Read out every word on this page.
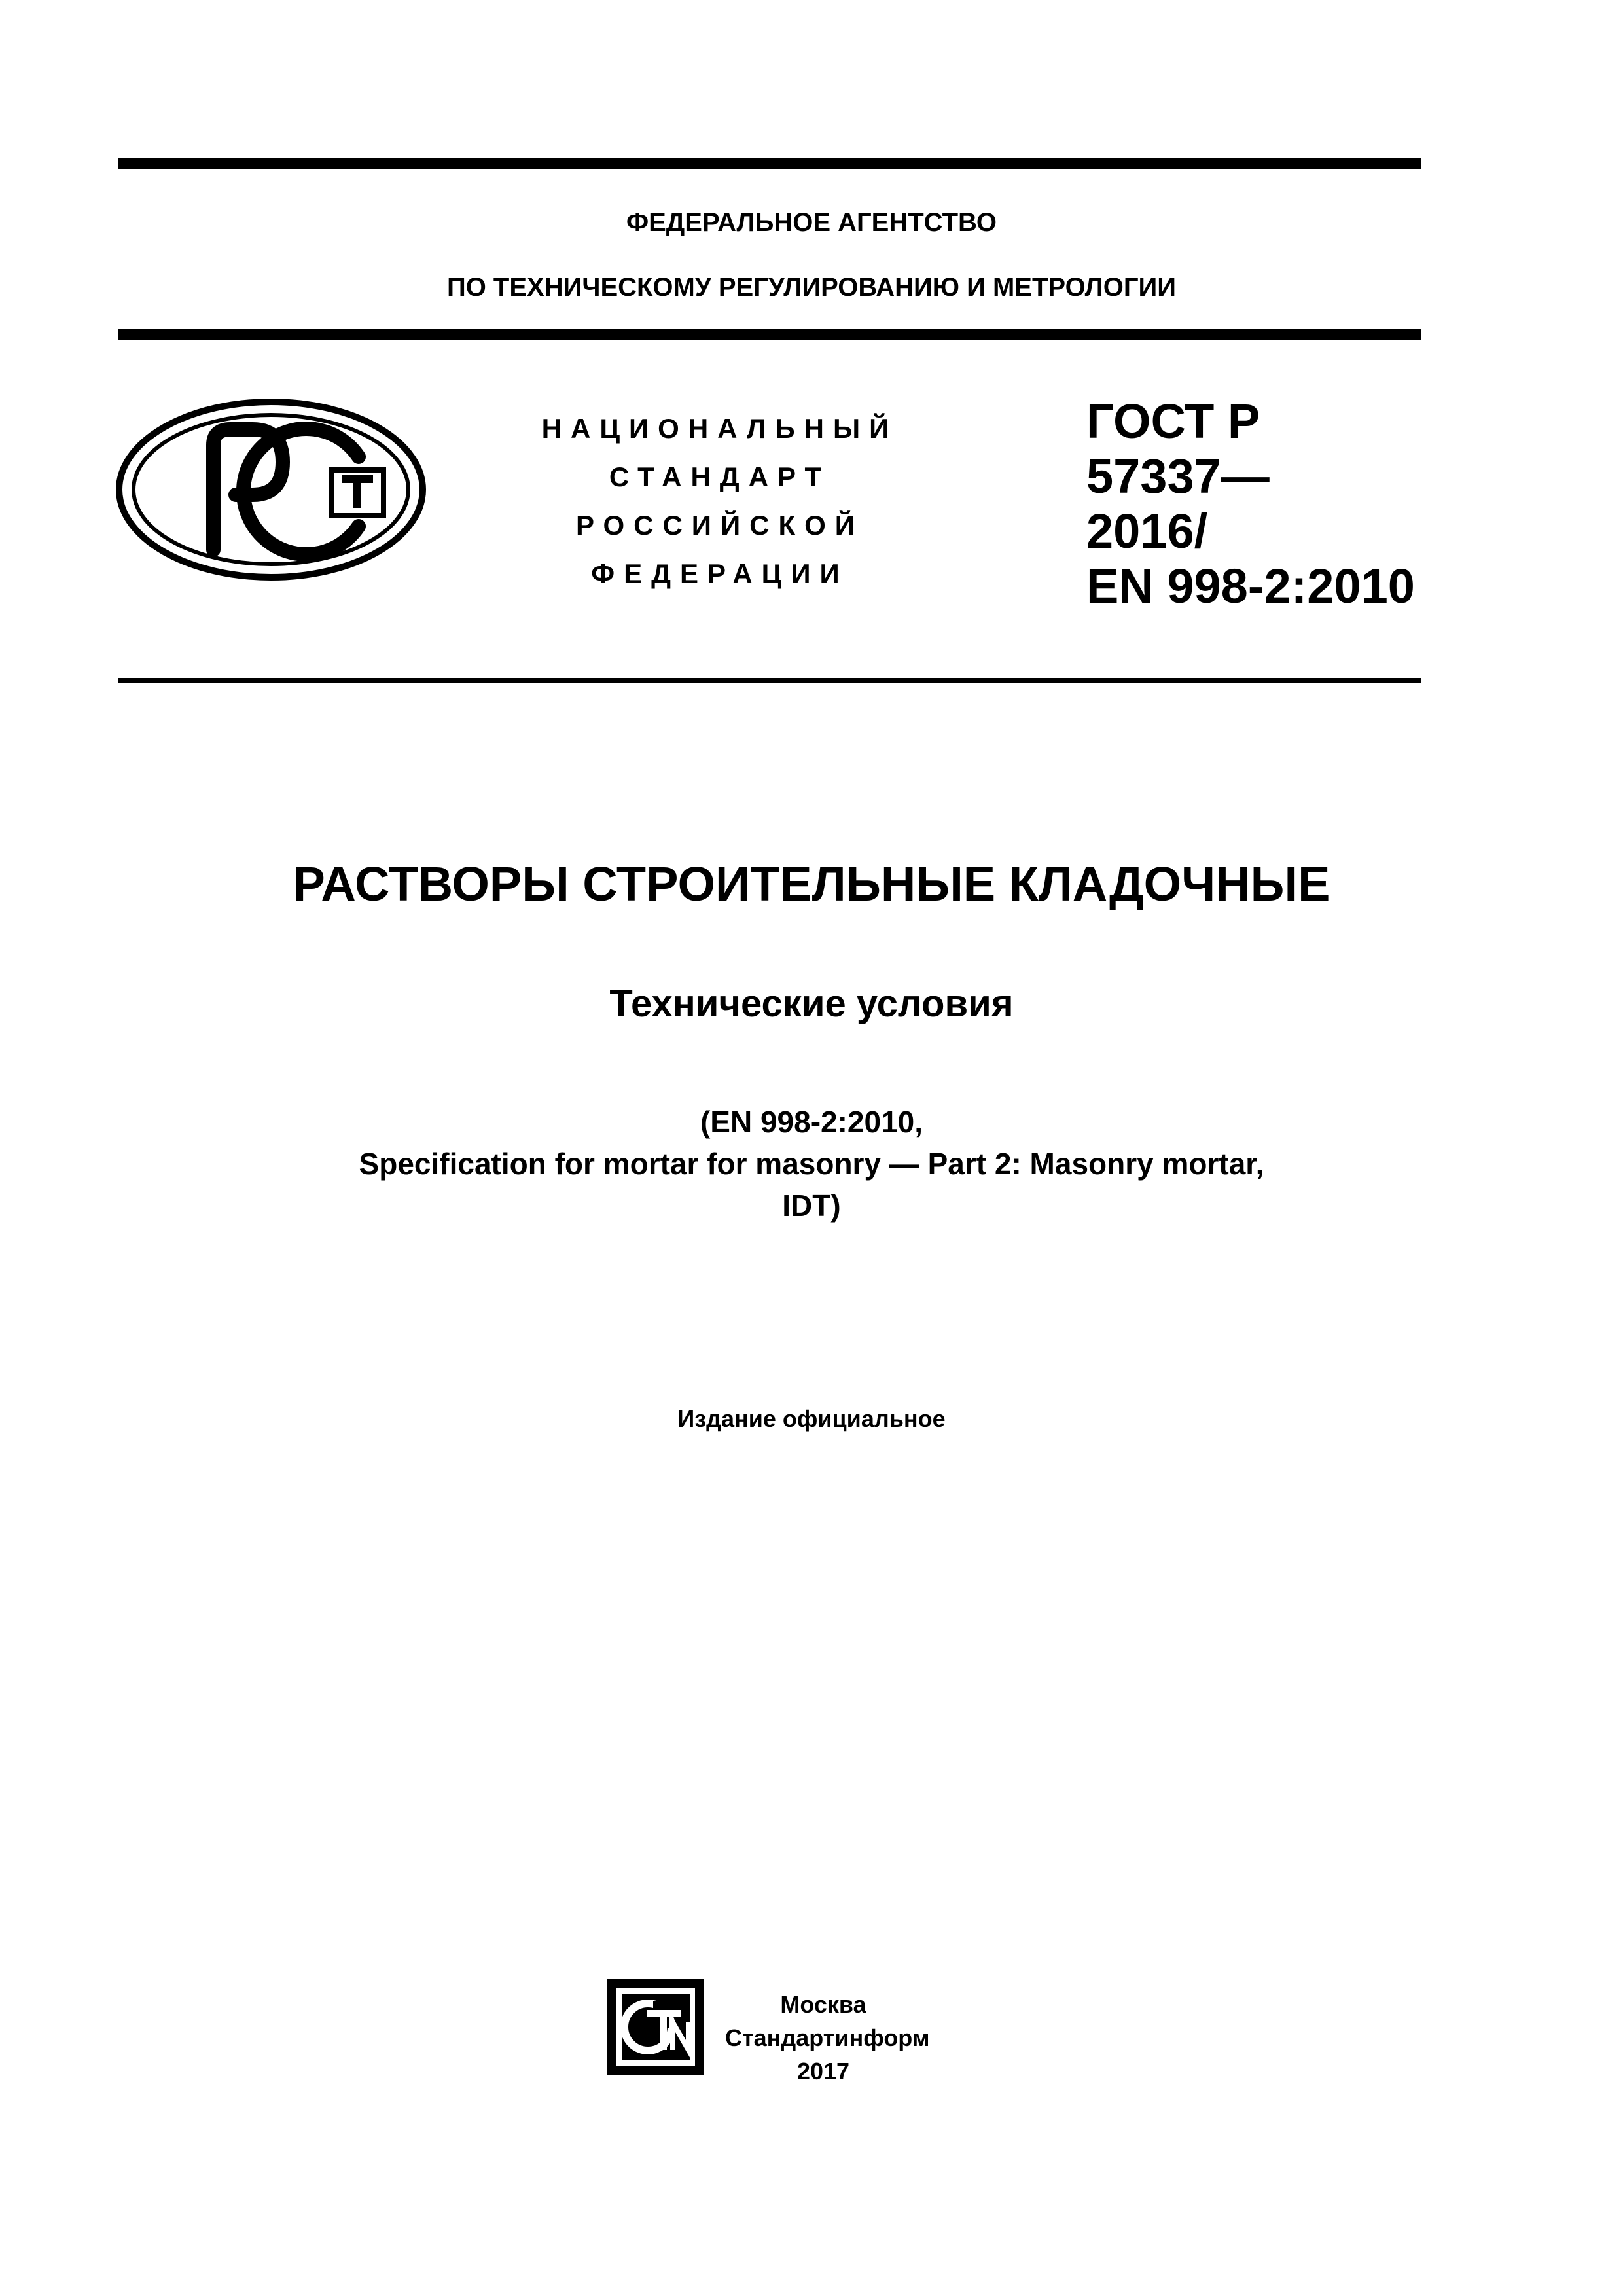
ФЕДЕРАЛЬНОЕ АГЕНТСТВО
ПО ТЕХНИЧЕСКОМУ РЕГУЛИРОВАНИЮ И МЕТРОЛОГИИ
НАЦИОНАЛЬНЫЙ
СТАНДАРТ
РОССИЙСКОЙ
ФЕДЕРАЦИИ
ГОСТ Р
57337—
2016/
EN 998-2:2010
РАСТВОРЫ СТРОИТЕЛЬНЫЕ КЛАДОЧНЫЕ
Технические условия
(EN 998-2:2010,
Specification for mortar for masonry — Part 2: Masonry mortar,
IDT)
Издание официальное
Москва
Стандартинформ
2017
